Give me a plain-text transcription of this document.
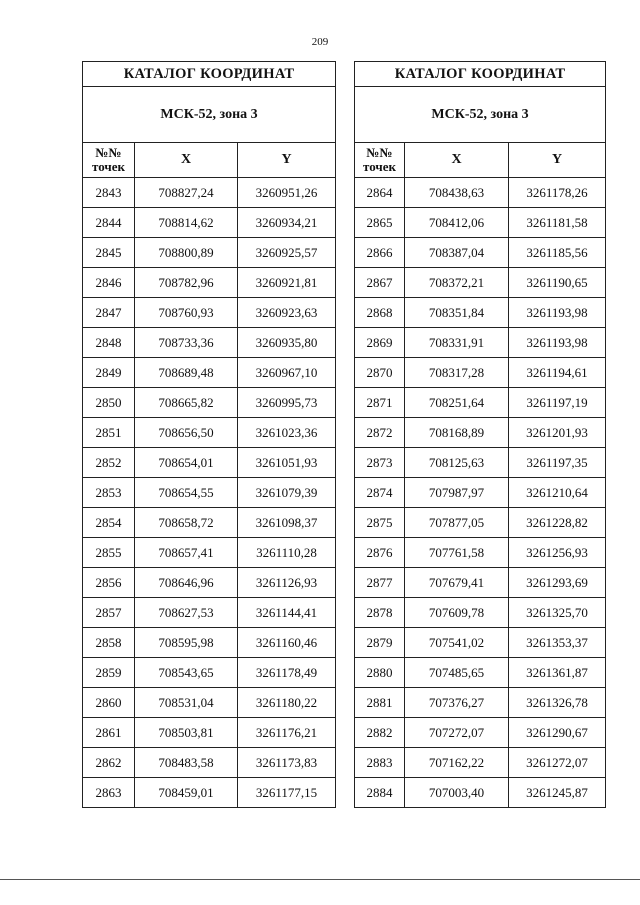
209
КАТАЛОГ КООРДИНАТ		
МСК-52, зона 3		
№№
точек	X	Y
2843	708827,24	3260951,26
2844	708814,62	3260934,21
2845	708800,89	3260925,57
2846	708782,96	3260921,81
2847	708760,93	3260923,63
2848	708733,36	3260935,80
2849	708689,48	3260967,10
2850	708665,82	3260995,73
2851	708656,50	3261023,36
2852	708654,01	3261051,93
2853	708654,55	3261079,39
2854	708658,72	3261098,37
2855	708657,41	3261110,28
2856	708646,96	3261126,93
2857	708627,53	3261144,41
2858	708595,98	3261160,46
2859	708543,65	3261178,49
2860	708531,04	3261180,22
2861	708503,81	3261176,21
2862	708483,58	3261173,83
2863	708459,01	3261177,15
КАТАЛОГ КООРДИНАТ		
МСК-52, зона 3		
№№
точек	X	Y
2864	708438,63	3261178,26
2865	708412,06	3261181,58
2866	708387,04	3261185,56
2867	708372,21	3261190,65
2868	708351,84	3261193,98
2869	708331,91	3261193,98
2870	708317,28	3261194,61
2871	708251,64	3261197,19
2872	708168,89	3261201,93
2873	708125,63	3261197,35
2874	707987,97	3261210,64
2875	707877,05	3261228,82
2876	707761,58	3261256,93
2877	707679,41	3261293,69
2878	707609,78	3261325,70
2879	707541,02	3261353,37
2880	707485,65	3261361,87
2881	707376,27	3261326,78
2882	707272,07	3261290,67
2883	707162,22	3261272,07
2884	707003,40	3261245,87
